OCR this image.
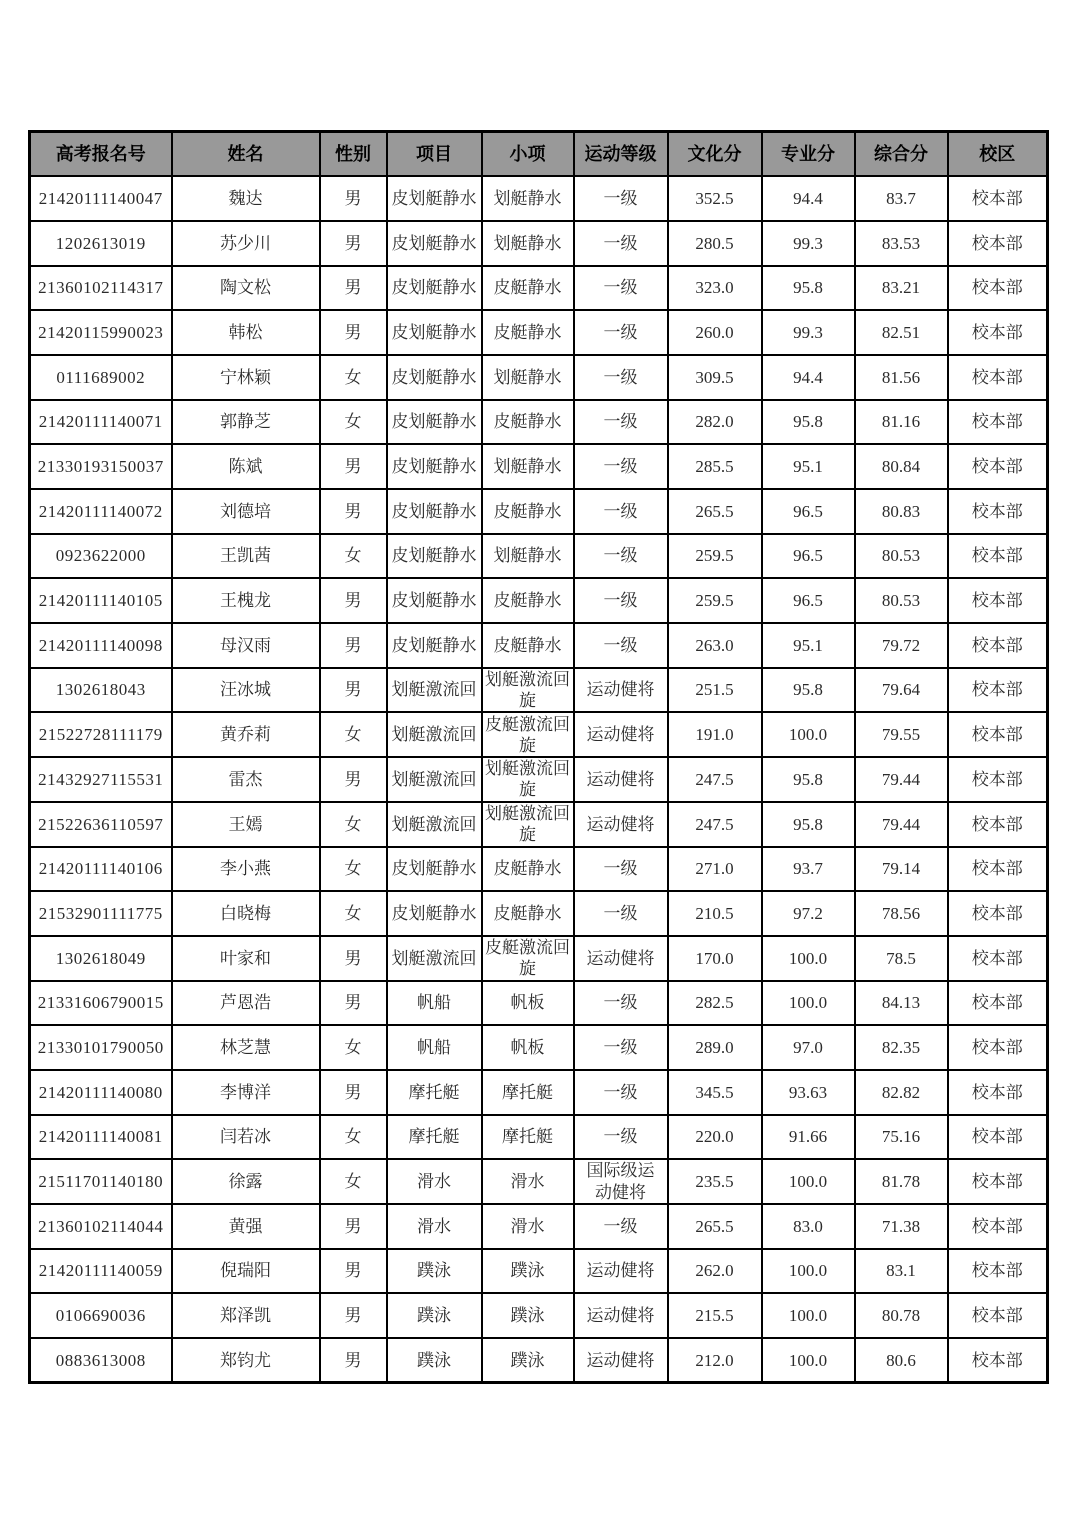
高考报名号	姓名	性别	项目	小项	运动等级	文化分	专业分	综合分	校区
21420111140047	魏达	男	皮划艇静水	划艇静水	一级	352.5	94.4	83.7	校本部
1202613019	苏少川	男	皮划艇静水	划艇静水	一级	280.5	99.3	83.53	校本部
21360102114317	陶文松	男	皮划艇静水	皮艇静水	一级	323.0	95.8	83.21	校本部
21420115990023	韩松	男	皮划艇静水	皮艇静水	一级	260.0	99.3	82.51	校本部
0111689002	宁林颖	女	皮划艇静水	划艇静水	一级	309.5	94.4	81.56	校本部
21420111140071	郭静芝	女	皮划艇静水	皮艇静水	一级	282.0	95.8	81.16	校本部
21330193150037	陈斌	男	皮划艇静水	划艇静水	一级	285.5	95.1	80.84	校本部
21420111140072	刘德培	男	皮划艇静水	皮艇静水	一级	265.5	96.5	80.83	校本部
0923622000	王凯茜	女	皮划艇静水	划艇静水	一级	259.5	96.5	80.53	校本部
21420111140105	王槐龙	男	皮划艇静水	皮艇静水	一级	259.5	96.5	80.53	校本部
21420111140098	母汉雨	男	皮划艇静水	皮艇静水	一级	263.0	95.1	79.72	校本部
1302618043	汪冰城	男	划艇激流回	划艇激流回旋	运动健将	251.5	95.8	79.64	校本部
21522728111179	黄乔莉	女	划艇激流回	皮艇激流回旋	运动健将	191.0	100.0	79.55	校本部
21432927115531	雷杰	男	划艇激流回	划艇激流回旋	运动健将	247.5	95.8	79.44	校本部
21522636110597	王嫣	女	划艇激流回	划艇激流回旋	运动健将	247.5	95.8	79.44	校本部
21420111140106	李小燕	女	皮划艇静水	皮艇静水	一级	271.0	93.7	79.14	校本部
21532901111775	白晓梅	女	皮划艇静水	皮艇静水	一级	210.5	97.2	78.56	校本部
1302618049	叶家和	男	划艇激流回	皮艇激流回旋	运动健将	170.0	100.0	78.5	校本部
21331606790015	芦恩浩	男	帆船	帆板	一级	282.5	100.0	84.13	校本部
21330101790050	林芝慧	女	帆船	帆板	一级	289.0	97.0	82.35	校本部
21420111140080	李博洋	男	摩托艇	摩托艇	一级	345.5	93.63	82.82	校本部
21420111140081	闫若冰	女	摩托艇	摩托艇	一级	220.0	91.66	75.16	校本部
21511701140180	徐露	女	滑水	滑水	国际级运动健将	235.5	100.0	81.78	校本部
21360102114044	黄强	男	滑水	滑水	一级	265.5	83.0	71.38	校本部
21420111140059	倪瑞阳	男	蹼泳	蹼泳	运动健将	262.0	100.0	83.1	校本部
0106690036	郑泽凯	男	蹼泳	蹼泳	运动健将	215.5	100.0	80.78	校本部
0883613008	郑钧尤	男	蹼泳	蹼泳	运动健将	212.0	100.0	80.6	校本部
